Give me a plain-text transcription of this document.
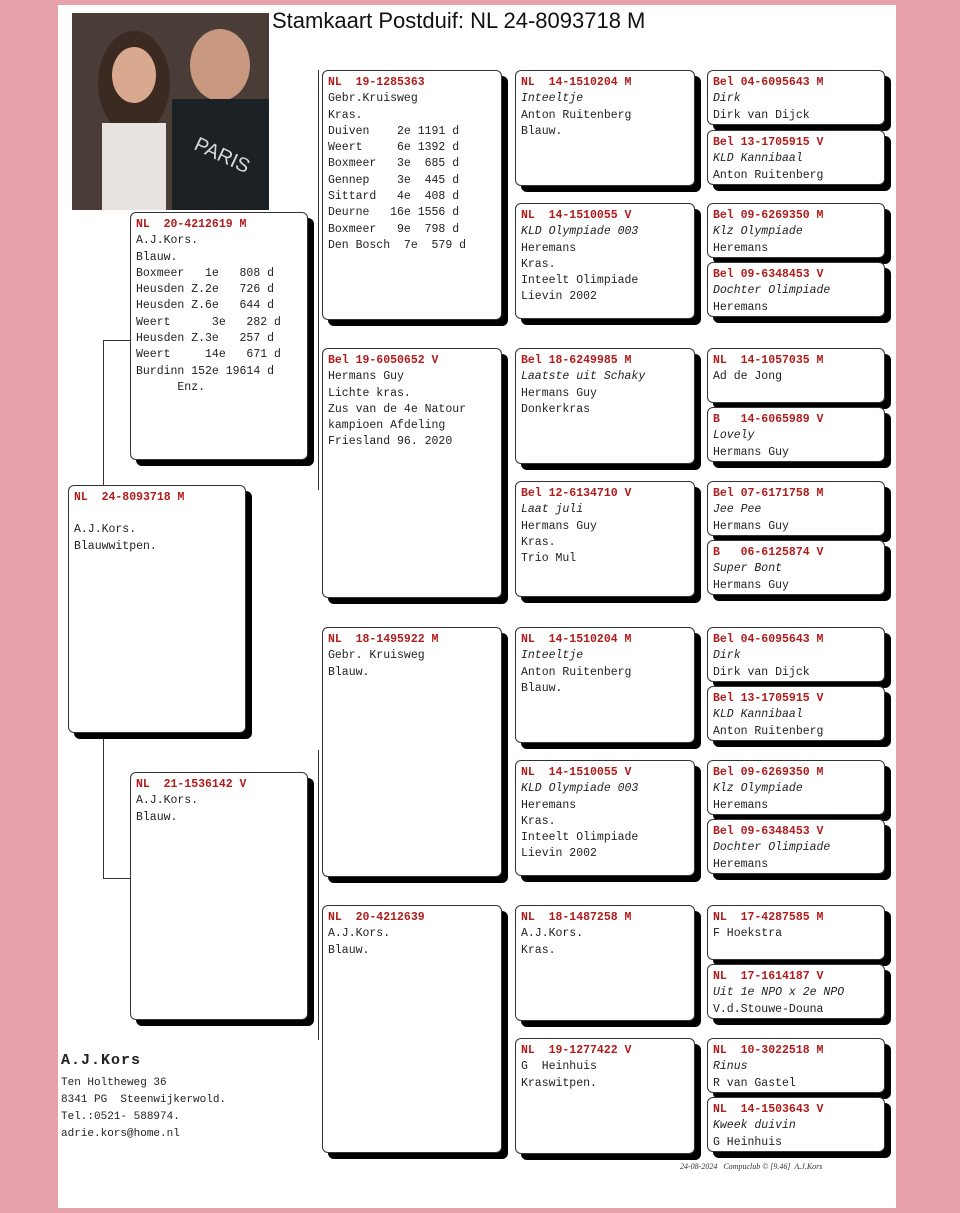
Stamkaart Postduif: NL 24-8093718 M
PARIS
NL  24-8093718 M
A.J.Kors.
Blauwwitpen.
NL  20-4212619 M
A.J.Kors.
Blauw.
Boxmeer   1e   808 d
Heusden Z.2e   726 d
Heusden Z.6e   644 d
Weert      3e   282 d
Heusden Z.3e   257 d
Weert     14e   671 d
Burdinn 152e 19614 d
Enz.
NL  21-1536142 V
A.J.Kors.
Blauw.
NL  19-1285363
Gebr.Kruisweg
Kras.
Duiven    2e 1191 d
Weert     6e 1392 d
Boxmeer   3e  685 d
Gennep    3e  445 d
Sittard   4e  408 d
Deurne   16e 1556 d
Boxmeer   9e  798 d
Den Bosch  7e  579 d
Bel 19-6050652 V
Hermans Guy
Lichte kras.
Zus van de 4e Natour
kampioen Afdeling
Friesland 96. 2020
NL  18-1495922 M
Gebr. Kruisweg
Blauw.
NL  20-4212639
A.J.Kors.
Blauw.
NL  14-1510204 M
Inteeltje
Anton Ruitenberg
Blauw.
NL  14-1510055 V
KLD Olympiade 003
Heremans
Kras.
Inteelt Olimpiade
Lievin 2002
Bel 18-6249985 M
Laatste uit Schaky
Hermans Guy
Donkerkras
Bel 12-6134710 V
Laat juli
Hermans Guy
Kras.
Trio Mul
NL  14-1510204 M
Inteeltje
Anton Ruitenberg
Blauw.
NL  14-1510055 V
KLD Olympiade 003
Heremans
Kras.
Inteelt Olimpiade
Lievin 2002
NL  18-1487258 M
A.J.Kors.
Kras.
NL  19-1277422 V
G  Heinhuis
Kraswitpen.
Bel 04-6095643 M
Dirk
Dirk van Dijck
Bel 13-1705915 V
KLD Kannibaal
Anton Ruitenberg
Bel 09-6269350 M
Klz Olympiade
Heremans
Bel 09-6348453 V
Dochter Olimpiade
Heremans
NL  14-1057035 M
Ad de Jong
B   14-6065989 V
Lovely
Hermans Guy
Bel 07-6171758 M
Jee Pee
Hermans Guy
B   06-6125874 V
Super Bont
Hermans Guy
Bel 04-6095643 M
Dirk
Dirk van Dijck
Bel 13-1705915 V
KLD Kannibaal
Anton Ruitenberg
Bel 09-6269350 M
Klz Olympiade
Heremans
Bel 09-6348453 V
Dochter Olimpiade
Heremans
NL  17-4287585 M
F Hoekstra
NL  17-1614187 V
Uit 1e NPO x 2e NPO
V.d.Stouwe-Douna
NL  10-3022518 M
Rinus
R van Gastel
NL  14-1503643 V
Kweek duivin
G Heinhuis
A.J.Kors
Ten Holtheweg 36
8341 PG  Steenwijkerwold.
Tel.:0521- 588974.
adrie.kors@home.nl
24-08-2024   Compuclub © [9.46]  A.J.Kors
